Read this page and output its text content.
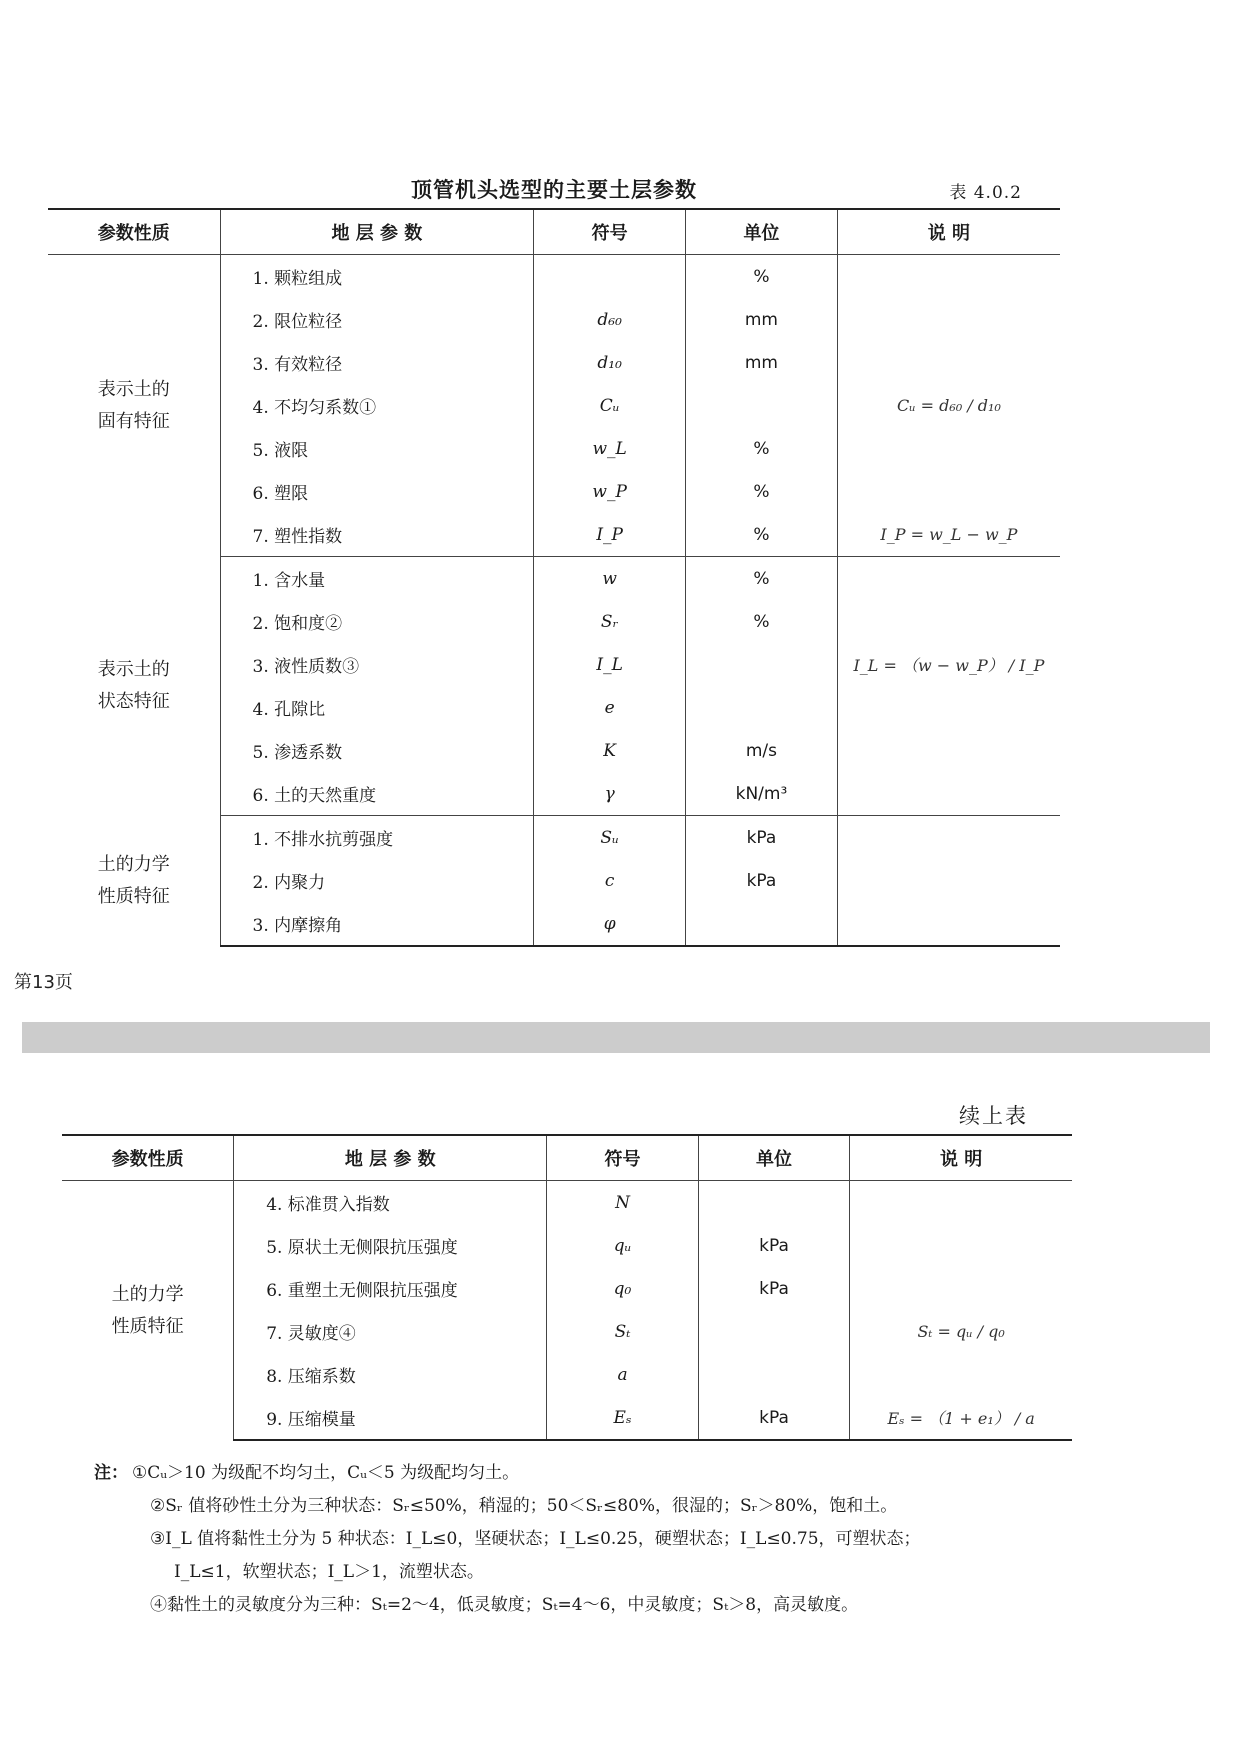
顶管机头选型的主要土层参数	表 4.0.2
参数性质	地 层 参 数	符号	单位	说 明

表示土的
固有特征	1. 颗粒组成		%	
	2. 限位粒径	d₆₀	mm	
	3. 有效粒径	d₁₀	mm	
	4. 不均匀系数①	Cᵤ		Cᵤ = d₆₀ / d₁₀
	5. 液限	w_L	%	
	6. 塑限	w_P	%	
	7. 塑性指数	I_P	%	I_P = w_L − w_P

表示土的
状态特征	1. 含水量	w	%	
	2. 饱和度②	Sᵣ	%	
	3. 液性质数③	I_L		I_L = （w − w_P） / I_P
	4. 孔隙比	e		
	5. 渗透系数	K	m/s	
	6. 土的天然重度	γ	kN/m³	

土的力学
性质特征	1. 不排水抗剪强度	Sᵤ	kPa	
	2. 内聚力	c	kPa	
	3. 内摩擦角	φ		
第13页
续上表
参数性质	地 层 参 数	符号	单位	说 明

土的力学
性质特征	4. 标准贯入指数	N		
	5. 原状土无侧限抗压强度	qᵤ	kPa	
	6. 重塑土无侧限抗压强度	q₀	kPa	
	7. 灵敏度④	Sₜ		Sₜ = qᵤ / q₀
	8. 压缩系数	a		
	9. 压缩模量	Eₛ	kPa	Eₛ = （1 + e₁） / a

注： ①Cᵤ＞10 为级配不均匀土，Cᵤ＜5 为级配均匀土。

②Sᵣ 值将砂性土分为三种状态：Sᵣ≤50%，稍湿的；50＜Sᵣ≤80%，很湿的；Sᵣ＞80%，饱和土。

③I_L 值将黏性土分为 5 种状态：I_L≤0，坚硬状态；I_L≤0.25，硬塑状态；I_L≤0.75，可塑状态；

I_L≤1，软塑状态；I_L＞1，流塑状态。

④黏性土的灵敏度分为三种：Sₜ=2～4，低灵敏度；Sₜ=4～6，中灵敏度；Sₜ＞8，高灵敏度。
